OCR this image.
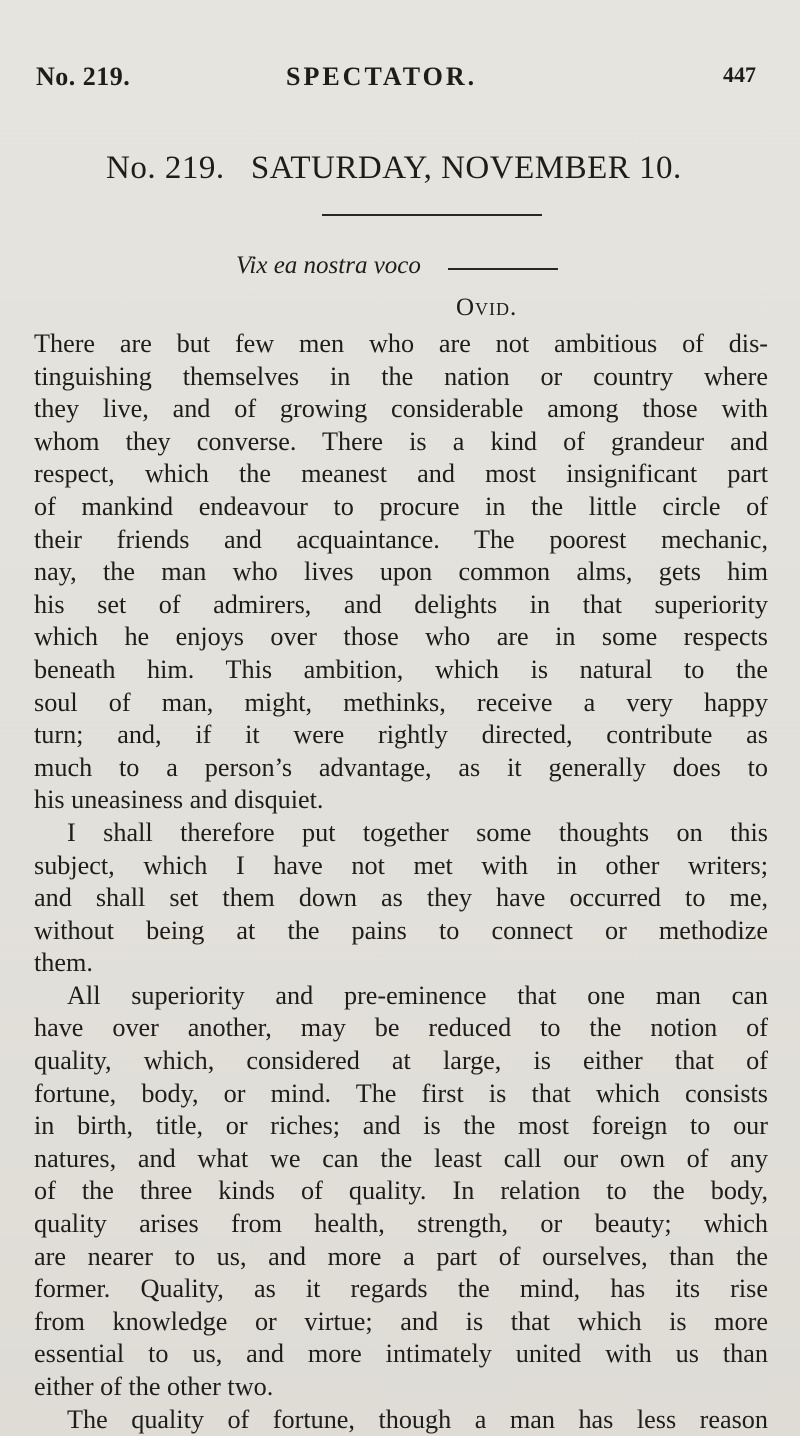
No. 219.	SPECTATOR.	447
No. 219.   SATURDAY, NOVEMBER 10.
Vix ea nostra voco
Ovid.
There are but few men who are not ambitious of dis-
tinguishing themselves in the nation or country where
they live, and of growing considerable among those with
whom they converse. There is a kind of grandeur and
respect, which the meanest and most insignificant part
of mankind endeavour to procure in the little circle of
their friends and acquaintance. The poorest mechanic,
nay, the man who lives upon common alms, gets him
his set of admirers, and delights in that superiority
which he enjoys over those who are in some respects
beneath him. This ambition, which is natural to the
soul of man, might, methinks, receive a very happy
turn; and, if it were rightly directed, contribute as
much to a person’s advantage, as it generally does to
his uneasiness and disquiet.
I shall therefore put together some thoughts on this
subject, which I have not met with in other writers;
and shall set them down as they have occurred to me,
without being at the pains to connect or methodize
them.
All superiority and pre-eminence that one man can
have over another, may be reduced to the notion of
quality, which, considered at large, is either that of
fortune, body, or mind. The first is that which consists
in birth, title, or riches; and is the most foreign to our
natures, and what we can the least call our own of any
of the three kinds of quality. In relation to the body,
quality arises from health, strength, or beauty; which
are nearer to us, and more a part of ourselves, than the
former. Quality, as it regards the mind, has its rise
from knowledge or virtue; and is that which is more
essential to us, and more intimately united with us than
either of the other two.
The quality of fortune, though a man has less reason
